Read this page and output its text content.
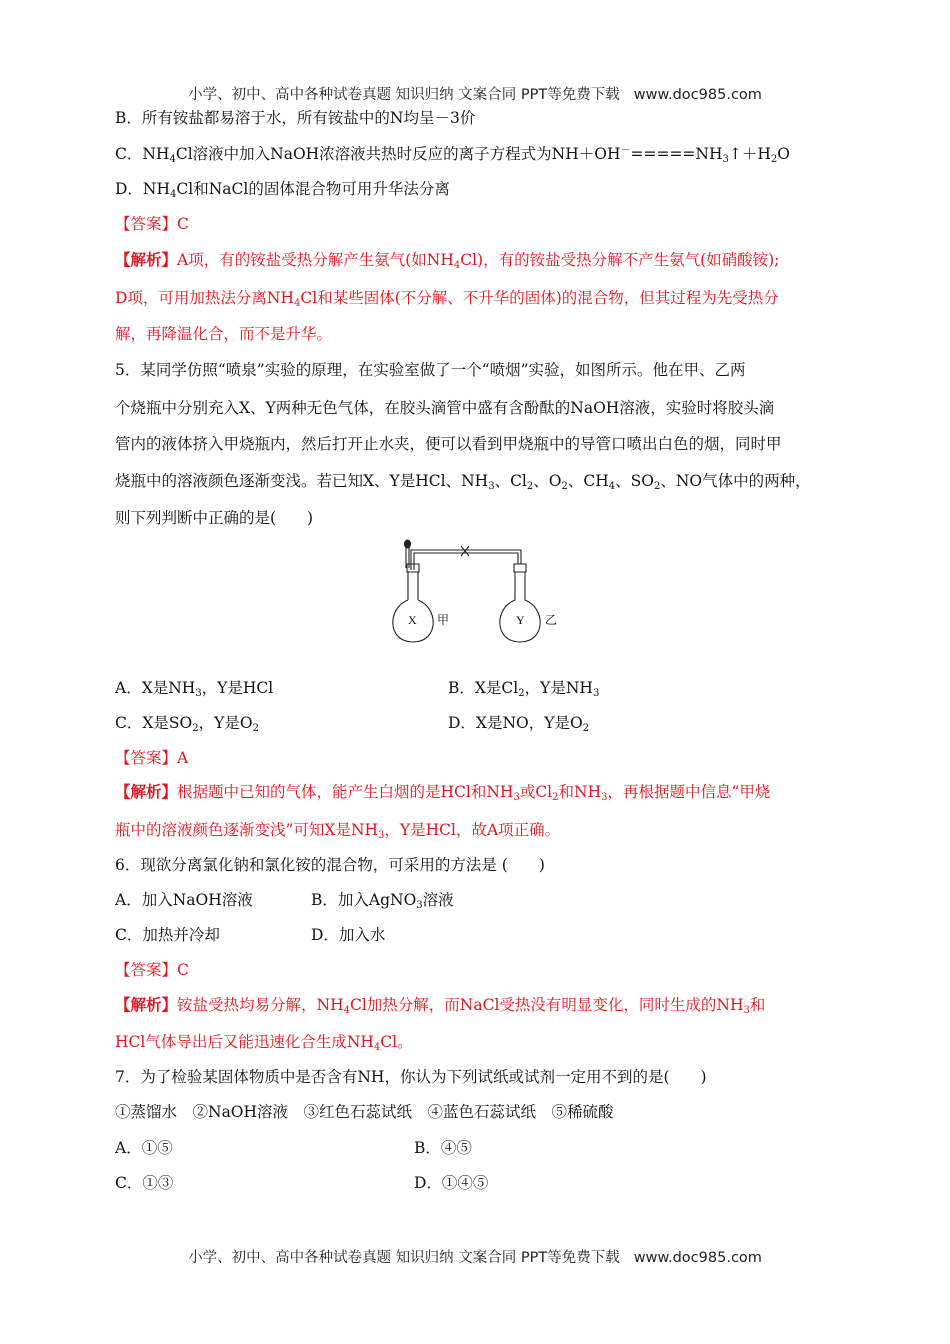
小学、初中、高中各种试卷真题 知识归纳 文案合同 PPT等免费下载 www.doc985.com
B．所有铵盐都易溶于水，所有铵盐中的N均呈－3价
C．$NH_4Cl$溶液中加入NaOH浓溶液共热时反应的离子方程式为$NH+OH^-=====NH_3↑+H_2O$
D．$NH_4Cl$和NaCl的固体混合物可用升华法分离
【答案】C
【解析】A项，有的铵盐受热分解产生氨气(如$NH_4Cl$)，有的铵盐受热分解不产生氨气(如硝酸铵);
D项，可用加热法分离$NH_4Cl$和某些固体(不分解、不升华的固体)的混合物，但其过程为先受热分
解，再降温化合，而不是升华。
5．某同学仿照“喷泉”实验的原理，在实验室做了一个“喷烟”实验，如图所示。他在甲、乙两
个烧瓶中分别充入X、Y两种无色气体，在胶头滴管中盛有含酚酞的NaOH溶液，实验时将胶头滴
管内的液体挤入甲烧瓶内，然后打开止水夹，便可以看到甲烧瓶中的导管口喷出白色的烟，同时甲
烧瓶中的溶液颜色逐渐变浅。若已知X、Y是HCl、$NH_3$、$Cl_2$、$O_2$、$CH_4$、$SO_2$、NO气体中的两种，
则下列判断中正确的是(　　)
A．X是$NH_3$，Y是HCl	B．X是$Cl_2$，Y是$NH_3$
C．X是$SO_2$，Y是$O_2$	D．X是NO，Y是$O_2$
【答案】A
【解析】根据题中已知的气体，能产生白烟的是HCl和$NH_3$或$Cl_2$和$NH_3$，再根据题中信息“甲烧
瓶中的溶液颜色逐渐变浅”可知X是$NH_3$，Y是HCl，故A项正确。
6．现欲分离氯化钠和氯化铵的混合物，可采用的方法是 (　　)
A．加入NaOH溶液	B．加入AgNO$_3$溶液
C．加热并冷却	D．加入水
【答案】C
【解析】铵盐受热均易分解，$NH_4Cl$加热分解，而NaCl受热没有明显变化，同时生成的$NH_3$和
HCl气体导出后又能迅速化合生成$NH_4Cl$。
7．为了检验某固体物质中是否含有NH，你认为下列试纸或试剂一定用不到的是(　　)
①蒸馏水　②NaOH溶液　③红色石蕊试纸　④蓝色石蕊试纸　⑤稀硫酸
A．①⑤	B．④⑤
C．①③	D．①④⑤
X 甲	Y 乙
小学、初中、高中各种试卷真题 知识归纳 文案合同 PPT等免费下载 www.doc985.com
